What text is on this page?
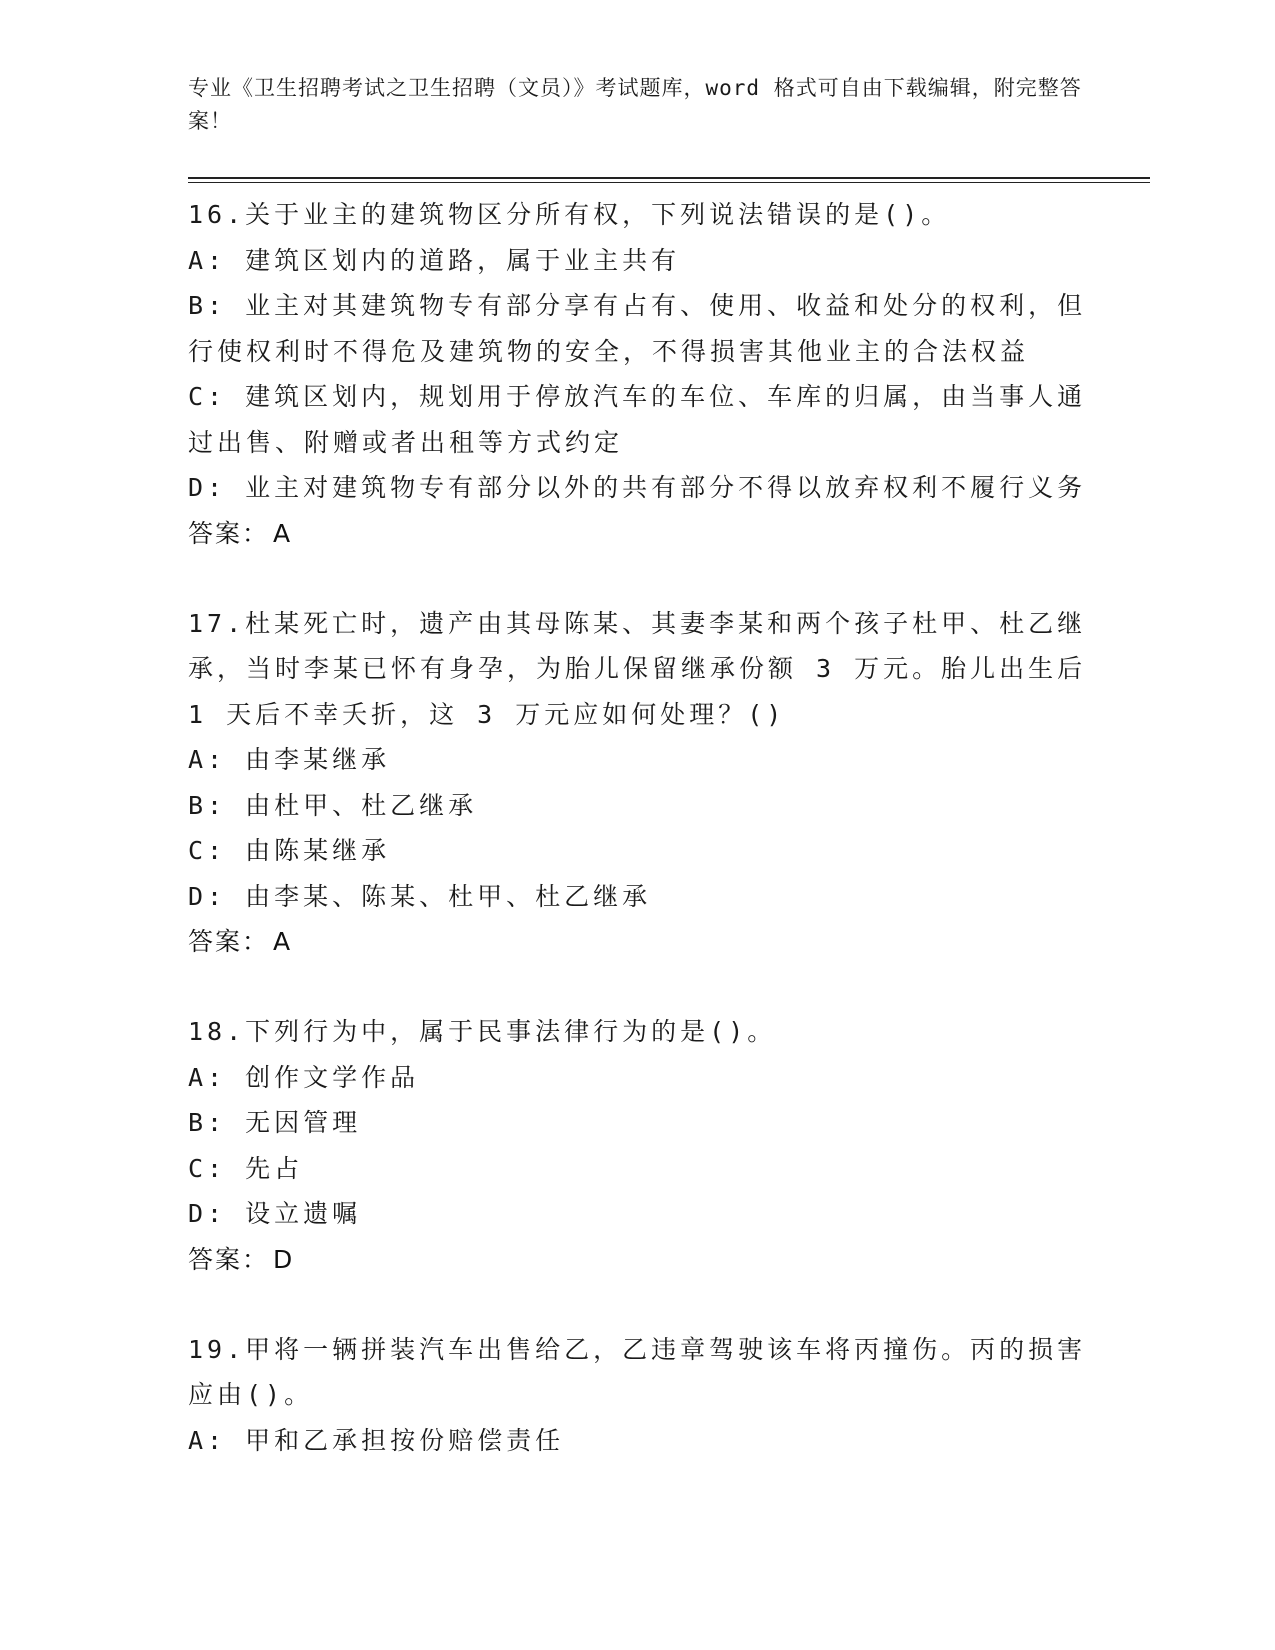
专业《卫生招聘考试之卫生招聘（文员）》考试题库，word 格式可自由下载编辑，附完整答案！
16.关于业主的建筑物区分所有权，下列说法错误的是()。
A: 建筑区划内的道路，属于业主共有
B: 业主对其建筑物专有部分享有占有、使用、收益和处分的权利，但
行使权利时不得危及建筑物的安全，不得损害其他业主的合法权益
C: 建筑区划内，规划用于停放汽车的车位、车库的归属，由当事人通
过出售、附赠或者出租等方式约定
D: 业主对建筑物专有部分以外的共有部分不得以放弃权利不履行义务
答案： A
17.杜某死亡时，遗产由其母陈某、其妻李某和两个孩子杜甲、杜乙继
承，当时李某已怀有身孕，为胎儿保留继承份额 3 万元。胎儿出生后
1 天后不幸夭折，这 3 万元应如何处理？()
A: 由李某继承
B: 由杜甲、杜乙继承
C: 由陈某继承
D: 由李某、陈某、杜甲、杜乙继承
答案： A
18.下列行为中，属于民事法律行为的是()。
A: 创作文学作品
B: 无因管理
C: 先占
D: 设立遗嘱
答案： D
19.甲将一辆拼装汽车出售给乙，乙违章驾驶该车将丙撞伤。丙的损害
应由()。
A: 甲和乙承担按份赔偿责任
